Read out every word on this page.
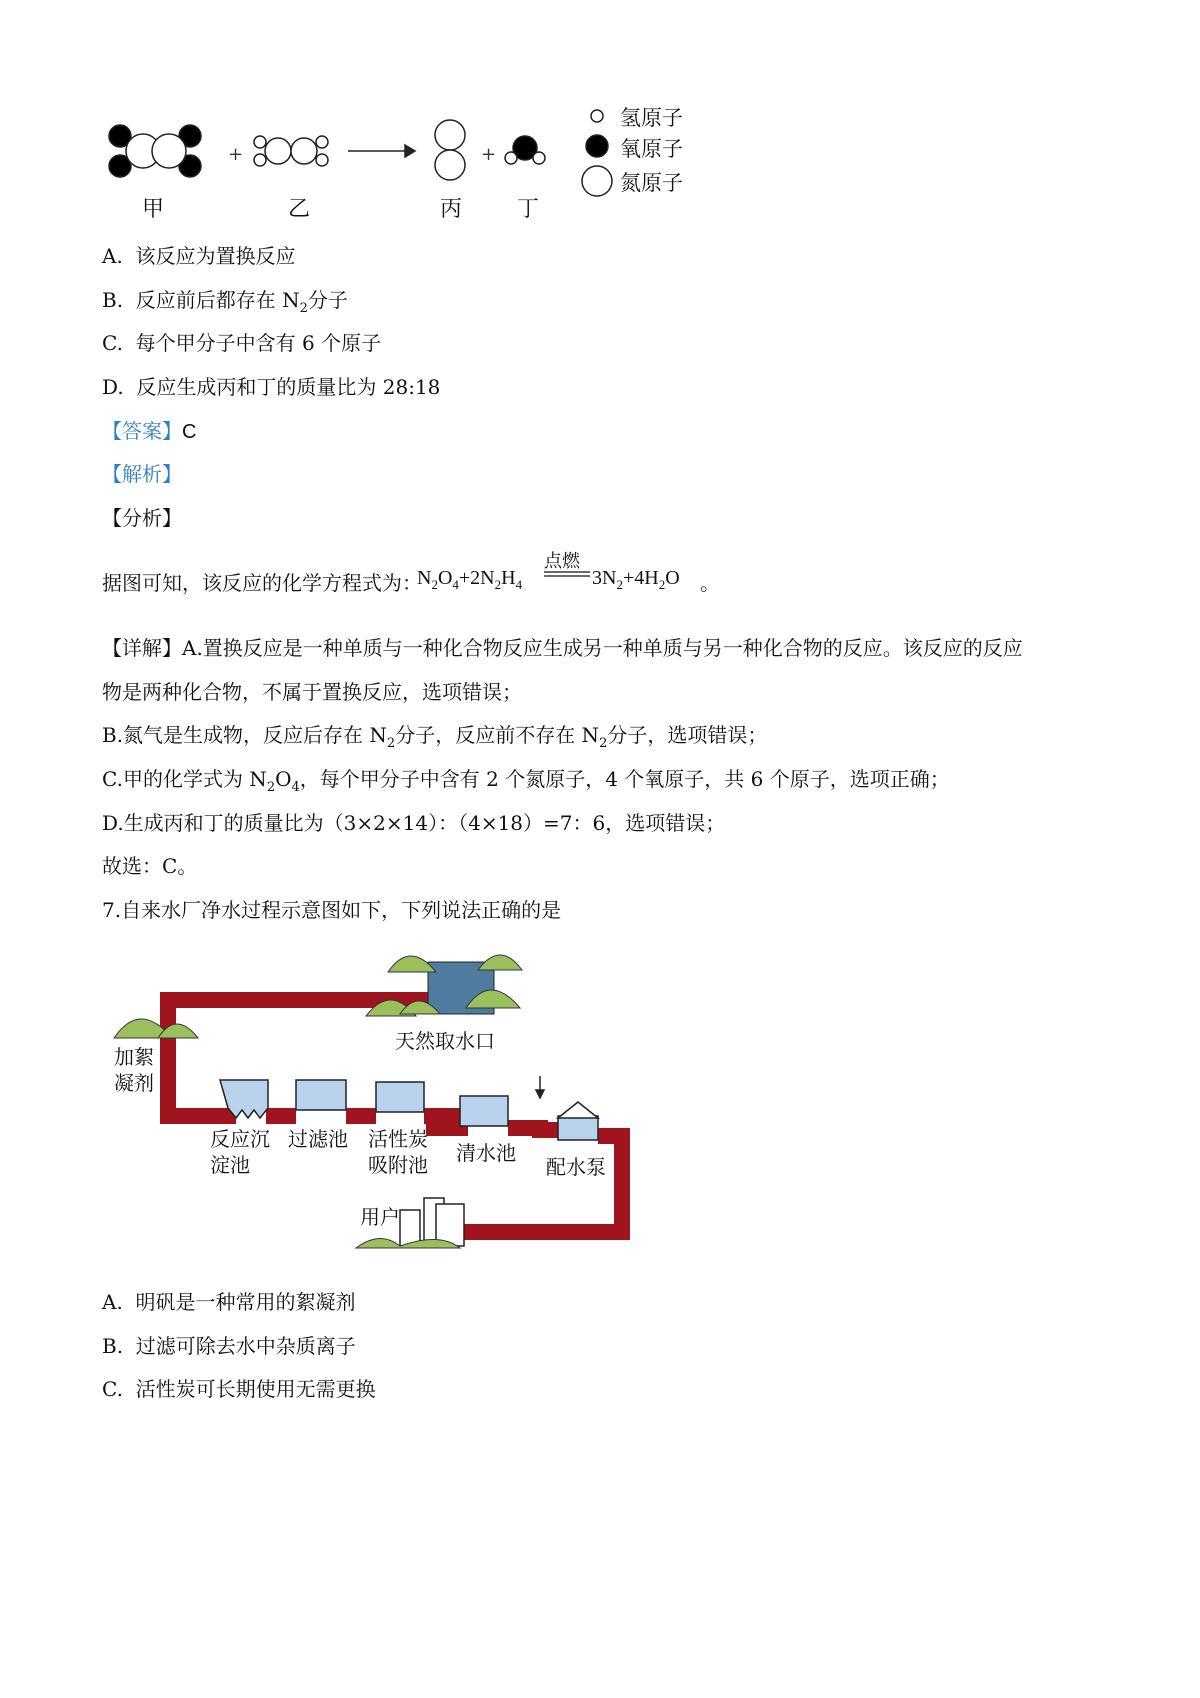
+	+
氢原子
氧原子
氮原子
甲	乙	丙 丁
A. 该反应为置换反应
B. 反应前后都存在 $N_2$分子
C. 每个甲分子中含有 6 个原子
D. 反应生成丙和丁的质量比为 28:18
【答案】C
【解析】
【分析】
据图可知，该反应的化学方程式为：
$N_2O_4+2N_2H_4$
点燃
$3N_2+4H_2O$ 。
【详解】A.置换反应是一种单质与一种化合物反应生成另一种单质与另一种化合物的反应。该反应的反应
物是两种化合物，不属于置换反应，选项错误；
B.氮气是生成物，反应后存在 $N_2$分子，反应前不存在 $N_2$分子，选项错误；
C.甲的化学式为 $N_2O_4$，每个甲分子中含有 2 个氮原子，4 个氧原子，共 6 个原子，选项正确；
D.生成丙和丁的质量比为（3×2×14）：（4×18）=7：6，选项错误；
故选：C。
7.自来水厂净水过程示意图如下，下列说法正确的是
天然取水口
加絮
凝剂
反应沉
淀池
过滤池 活性炭
吸附池 清水池
配水泵
用户
A. 明矾是一种常用的絮凝剂
B. 过滤可除去水中杂质离子
C. 活性炭可长期使用无需更换
